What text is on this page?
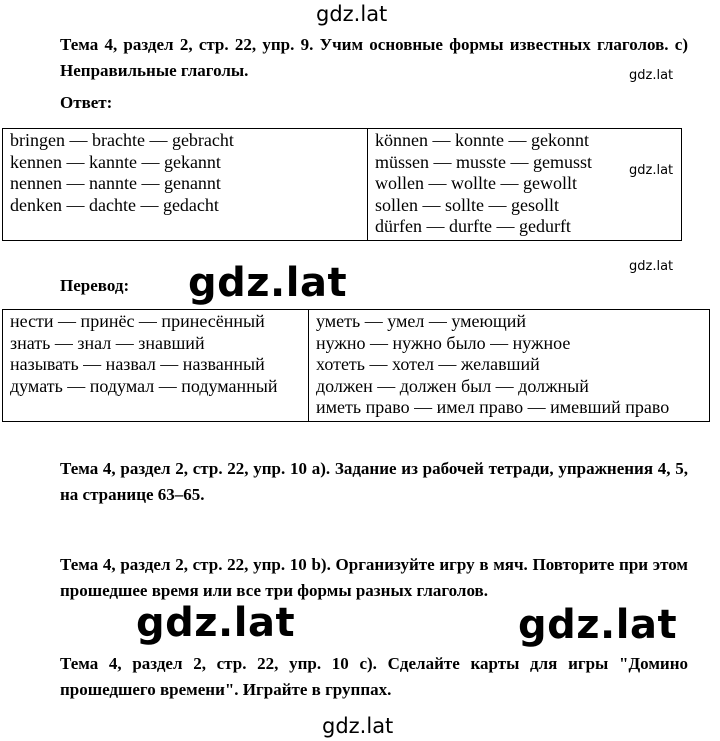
gdz.lat
gdz.lat
gdz.lat
gdz.lat
Тема 4, раздел 2, стр. 22, упр. 9. Учим основные формы известных глаголов. с) Неправильные глаголы.
Ответ:
bringen — brachte — gebracht
kennen — kannte — gekannt
nennen — nannte — genannt
denken — dachte — gedacht

können — konnte — gekonnt
müssen — musste — gemusst
wollen — wollte — gewollt
sollen — sollte — gesollt
dürfen — durfte — gedurft
Перевод: gdz.lat
нести — принёс — принесённый
знать — знал — знавший
называть — назвал — названный
думать — подумал — подуманный

уметь — умел — умеющий
нужно — нужно было — нужное
хотеть — хотел — желавший
должен — должен был — должный
иметь право — имел право — имевший право
Тема 4, раздел 2, стр. 22, упр. 10 а). Задание из рабочей тетради, упражнения 4, 5, на странице 63–65.
Тема 4, раздел 2, стр. 22, упр. 10 b). Организуйте игру в мяч. Повторите при этом прошедшее время или все три формы разных глаголов.
gdz.lat	gdz.lat
Тема 4, раздел 2, стр. 22, упр. 10 c). Сделайте карты для игры "Домино прошедшего времени". Играйте в группах.
gdz.lat
